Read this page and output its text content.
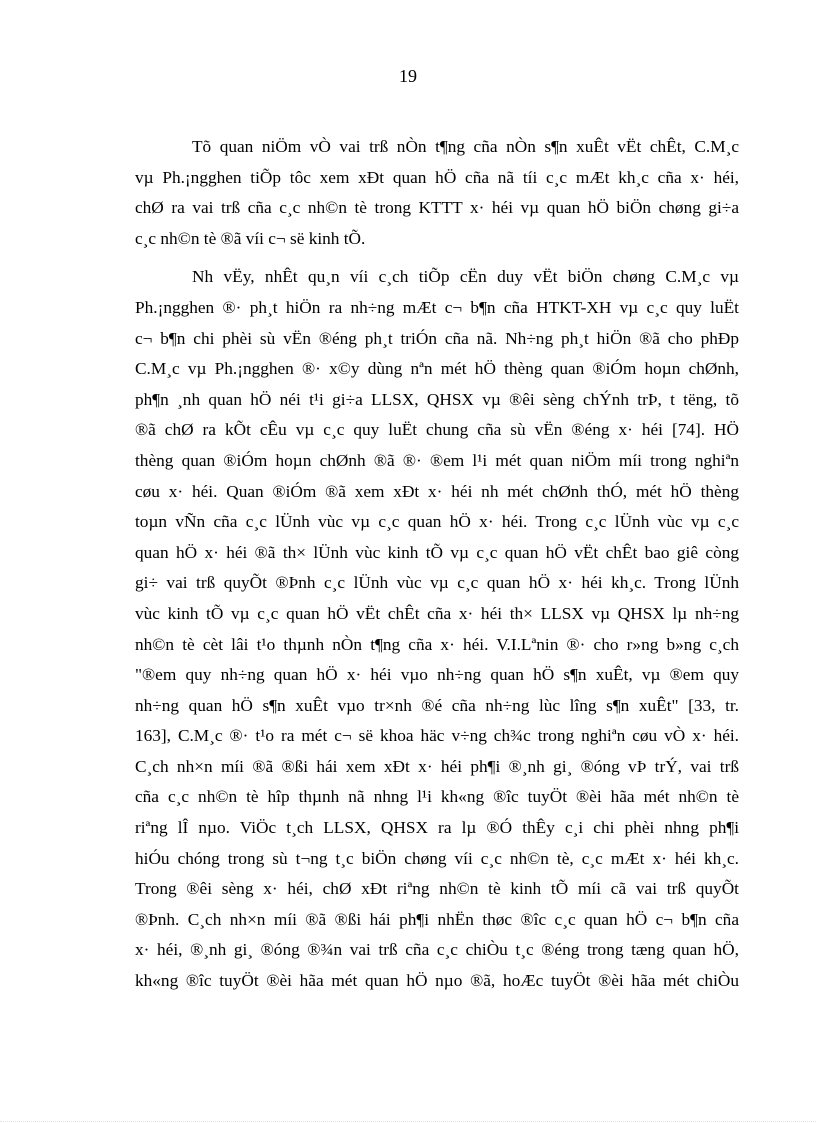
19
Tõ quan niÖm vÒ vai trß nÒn t¶ng cña nÒn s¶n xuÊt vËt chÊt, C.M¸c
vµ Ph.¡ngghen tiÕp tôc xem xÐt quan hÖ cña nã tíi c¸c mÆt kh¸c cña x· héi,
chØ ra vai trß cña c¸c nh©n tè trong KTTT x· héi vµ quan hÖ biÖn chøng gi÷a
c¸c nh©n tè ®ã víi c¬ së kinh tÕ.
Nh vËy, nhÊt qu¸n víi c¸ch tiÕp cËn duy vËt biÖn chøng C.M¸c vµ
Ph.¡ngghen ®· ph¸t hiÖn ra nh÷ng mÆt c¬ b¶n cña HTKT-XH vµ c¸c quy luËt
c¬ b¶n chi phèi sù vËn ®éng ph¸t triÓn cña nã. Nh÷ng ph¸t hiÖn ®ã cho phÐp
C.M¸c vµ Ph.¡ngghen ®· x©y dùng nªn mét hÖ thèng quan ®iÓm hoµn chØnh,
ph¶n ¸nh quan hÖ néi t¹i gi÷a LLSX, QHSX vµ ®êi sèng chÝnh trÞ, t tëng, tõ
®ã chØ ra kÕt cÊu vµ c¸c quy luËt chung cña sù vËn ®éng x· héi [74]. HÖ
thèng quan ®iÓm hoµn chØnh ®ã ®· ®em l¹i mét quan niÖm míi trong nghiªn
cøu x· héi. Quan ®iÓm ®ã xem xÐt x· héi nh mét chØnh thÓ, mét hÖ thèng
toµn vÑn cña c¸c lÜnh vùc vµ c¸c quan hÖ x· héi. Trong c¸c lÜnh vùc vµ c¸c
quan hÖ x· héi ®ã th× lÜnh vùc kinh tÕ vµ c¸c quan hÖ vËt chÊt bao giê còng
gi÷ vai trß quyÕt ®Þnh c¸c lÜnh vùc vµ c¸c quan hÖ x· héi kh¸c. Trong lÜnh
vùc kinh tÕ vµ c¸c quan hÖ vËt chÊt cña x· héi th× LLSX vµ QHSX lµ nh÷ng
nh©n tè cèt lâi t¹o thµnh nÒn t¶ng cña x· héi. V.I.Lªnin ®· cho r»ng b»ng c¸ch
"®em quy nh÷ng quan hÖ x· héi vµo nh÷ng quan hÖ s¶n xuÊt, vµ ®em quy
nh÷ng quan hÖ s¶n xuÊt vµo tr×nh ®é cña nh÷ng lùc lîng s¶n xuÊt" [33, tr.
163], C.M¸c ®· t¹o ra mét c¬ së khoa häc v÷ng ch¾c trong nghiªn cøu vÒ x· héi.
C¸ch nh×n míi ®ã ®ßi hái xem xÐt x· héi ph¶i ®¸nh gi¸ ®óng vÞ trÝ, vai trß
cña c¸c nh©n tè hîp thµnh nã nhng l¹i kh«ng ®îc tuyÖt ®èi hãa mét nh©n tè
riªng lÎ nµo. ViÖc t¸ch LLSX, QHSX ra lµ ®Ó thÊy c¸i chi phèi nhng ph¶i
hiÓu chóng trong sù t¬ng t¸c biÖn chøng víi c¸c nh©n tè, c¸c mÆt x· héi kh¸c.
Trong ®êi sèng x· héi, chØ xÐt riªng nh©n tè kinh tÕ míi cã vai trß quyÕt
®Þnh. C¸ch nh×n míi ®ã ®ßi hái ph¶i nhËn thøc ®îc c¸c quan hÖ c¬ b¶n cña
x· héi, ®¸nh gi¸ ®óng ®¾n vai trß cña c¸c chiÒu t¸c ®éng trong tæng quan hÖ,
kh«ng ®îc tuyÖt ®èi hãa mét quan hÖ nµo ®ã, hoÆc tuyÖt ®èi hãa mét chiÒu
